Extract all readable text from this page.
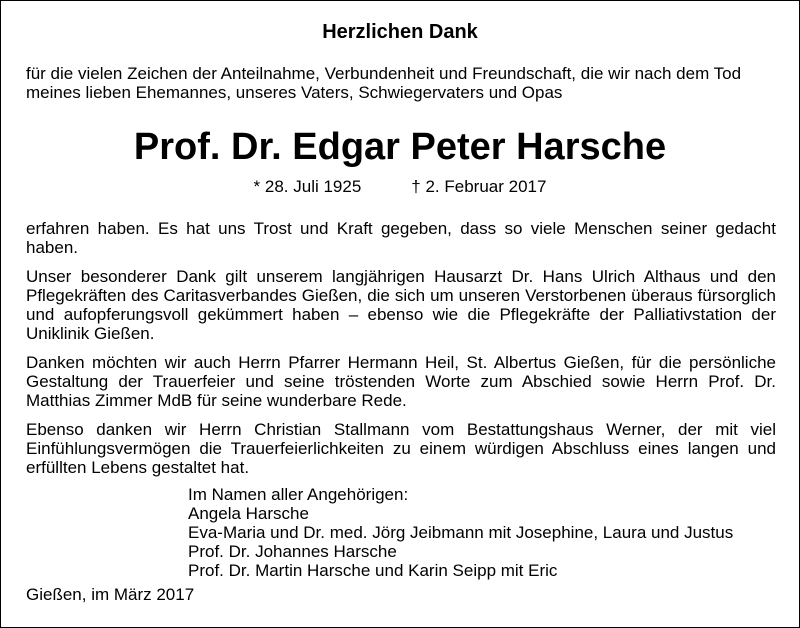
Herzlichen Dank
für die vielen Zeichen der Anteilnahme, Verbundenheit und Freundschaft, die wir nach dem Tod meines lieben Ehemannes, unseres Vaters, Schwiegervaters und Opas
Prof. Dr. Edgar Peter Harsche
* 28. Juli 1925	† 2. Februar 2017
erfahren haben. Es hat uns Trost und Kraft gegeben, dass so viele Menschen seiner gedacht haben.
Unser besonderer Dank gilt unserem langjährigen Hausarzt Dr. Hans Ulrich Althaus und den Pflegekräften des Caritasverbandes Gießen, die sich um unseren Verstorbenen überaus fürsorglich und aufopferungsvoll gekümmert haben – ebenso wie die Pflegekräfte der Palliativstation der Uniklinik Gießen.
Danken möchten wir auch Herrn Pfarrer Hermann Heil, St. Albertus Gießen, für die persönliche Gestaltung der Trauerfeier und seine tröstenden Worte zum Abschied sowie Herrn Prof. Dr. Matthias Zimmer MdB für seine wunderbare Rede.
Ebenso danken wir Herrn Christian Stallmann vom Bestattungshaus Werner, der mit viel Einfühlungsvermögen die Trauerfeierlichkeiten zu einem würdigen Abschluss eines langen und erfüllten Lebens gestaltet hat.
Im Namen aller Angehörigen:
Angela Harsche
Eva-Maria und Dr. med. Jörg Jeibmann mit Josephine, Laura und Justus
Prof. Dr. Johannes Harsche
Prof. Dr. Martin Harsche und Karin Seipp mit Eric
Gießen, im März 2017
